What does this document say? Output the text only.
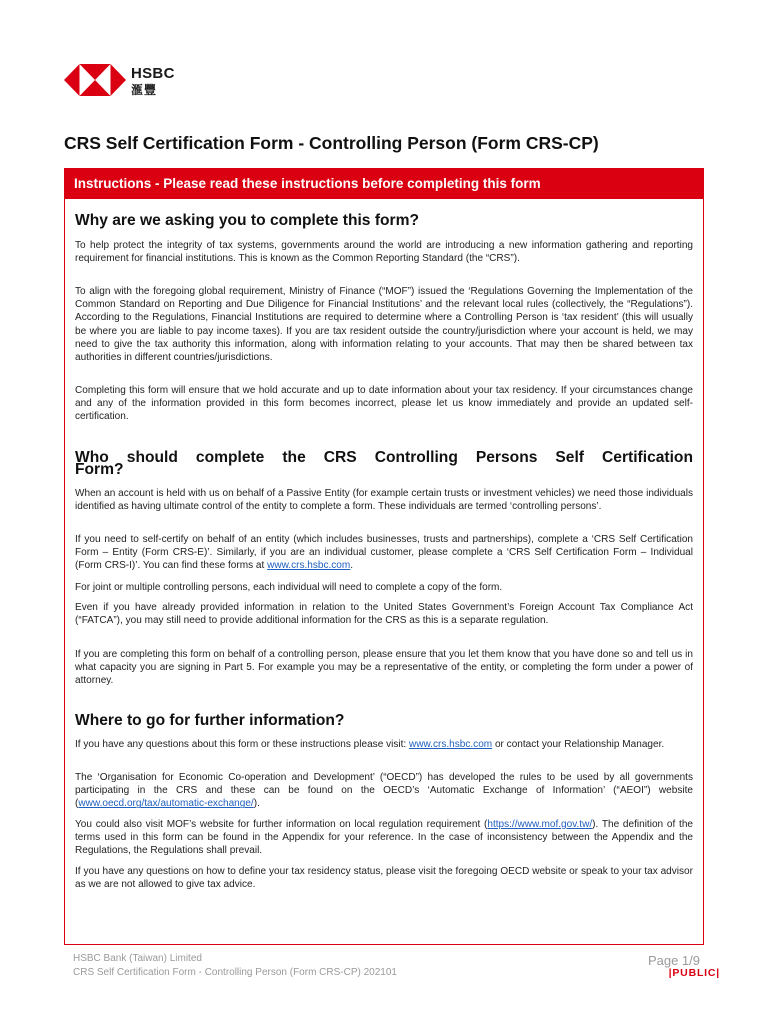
HSBC
滙豐
CRS Self Certification Form - Controlling Person (Form CRS-CP)
Instructions - Please read these instructions before completing this form
Why are we asking you to complete this form?

To help protect the integrity of tax systems, governments around the world are introducing a new information gathering and reporting requirement for financial institutions. This is known as the Common Reporting Standard (the “CRS”).

To align with the foregoing global requirement, Ministry of Finance (“MOF”) issued the ‘Regulations Governing the Implementation of the Common Standard on Reporting and Due Diligence for Financial Institutions’ and the relevant local rules (collectively, the “Regulations”). According to the Regulations, Financial Institutions are required to determine where a Controlling Person is ‘tax resident’ (this will usually be where you are liable to pay income taxes). If you are tax resident outside the country/jurisdiction where your account is held, we may need to give the tax authority this information, along with information relating to your accounts. That may then be shared between tax authorities in different countries/jurisdictions.

Completing this form will ensure that we hold accurate and up to date information about your tax residency. If your circumstances change and any of the information provided in this form becomes incorrect, please let us know immediately and provide an updated self-certification.

Who should complete the CRS Controlling Persons Self Certification
Form?

When an account is held with us on behalf of a Passive Entity (for example certain trusts or investment vehicles) we need those individuals identified as having ultimate control of the entity to complete a form. These individuals are termed ‘controlling persons’.

If you need to self-certify on behalf of an entity (which includes businesses, trusts and partnerships), complete a ‘CRS Self Certification Form – Entity (Form CRS-E)’. Similarly, if you are an individual customer, please complete a ‘CRS Self Certification Form – Individual (Form CRS-I)’. You can find these forms at www.crs.hsbc.com.

For joint or multiple controlling persons, each individual will need to complete a copy of the form.

Even if you have already provided information in relation to the United States Government’s Foreign Account Tax Compliance Act (“FATCA”), you may still need to provide additional information for the CRS as this is a separate regulation.

If you are completing this form on behalf of a controlling person, please ensure that you let them know that you have done so and tell us in what capacity you are signing in Part 5. For example you may be a representative of the entity, or completing the form under a power of attorney.

Where to go for further information?

If you have any questions about this form or these instructions please visit: www.crs.hsbc.com or contact your Relationship Manager.

The ‘Organisation for Economic Co-operation and Development’ (“OECD”) has developed the rules to be used by all governments participating in the CRS and these can be found on the OECD’s ‘Automatic Exchange of Information’ (“AEOI”) website (www.oecd.org/tax/automatic-exchange/).

You could also visit MOF’s website for further information on local regulation requirement (https://www.mof.gov.tw/). The definition of the terms used in this form can be found in the Appendix for your reference. In the case of inconsistency between the Appendix and the Regulations, the Regulations shall prevail.

If you have any questions on how to define your tax residency status, please visit the foregoing OECD website or speak to your tax advisor as we are not allowed to give tax advice.

HSBC Bank (Taiwan) Limited
CRS Self Certification Form - Controlling Person (Form CRS-CP) 202101
Page 1/9
|PUBLIC|
